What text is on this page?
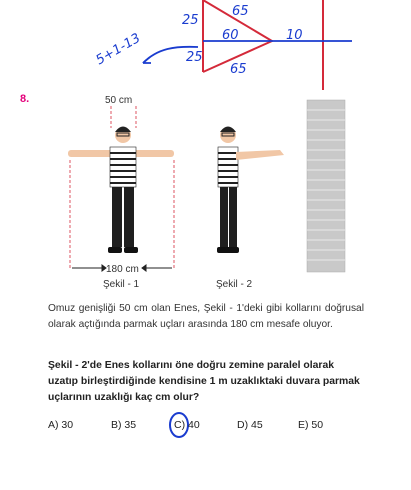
25
65
60
25
65
10
5+1-13
8.	50 cm
180 cm
Şekil - 1	Şekil - 2
Omuz genişliği 50 cm olan Enes, Şekil - 1'deki gibi kollarını doğrusal olarak açtığında parmak uçları arasında 180 cm mesafe oluyor.
Şekil - 2'de Enes kollarını öne doğru zemine paralel olarak uzatıp birleştirdiğinde kendisine 1 m uzaklıktaki duvara parmak uçlarının uzaklığı kaç cm olur?
A) 30	B) 35	C) 40	D) 45	E) 50
